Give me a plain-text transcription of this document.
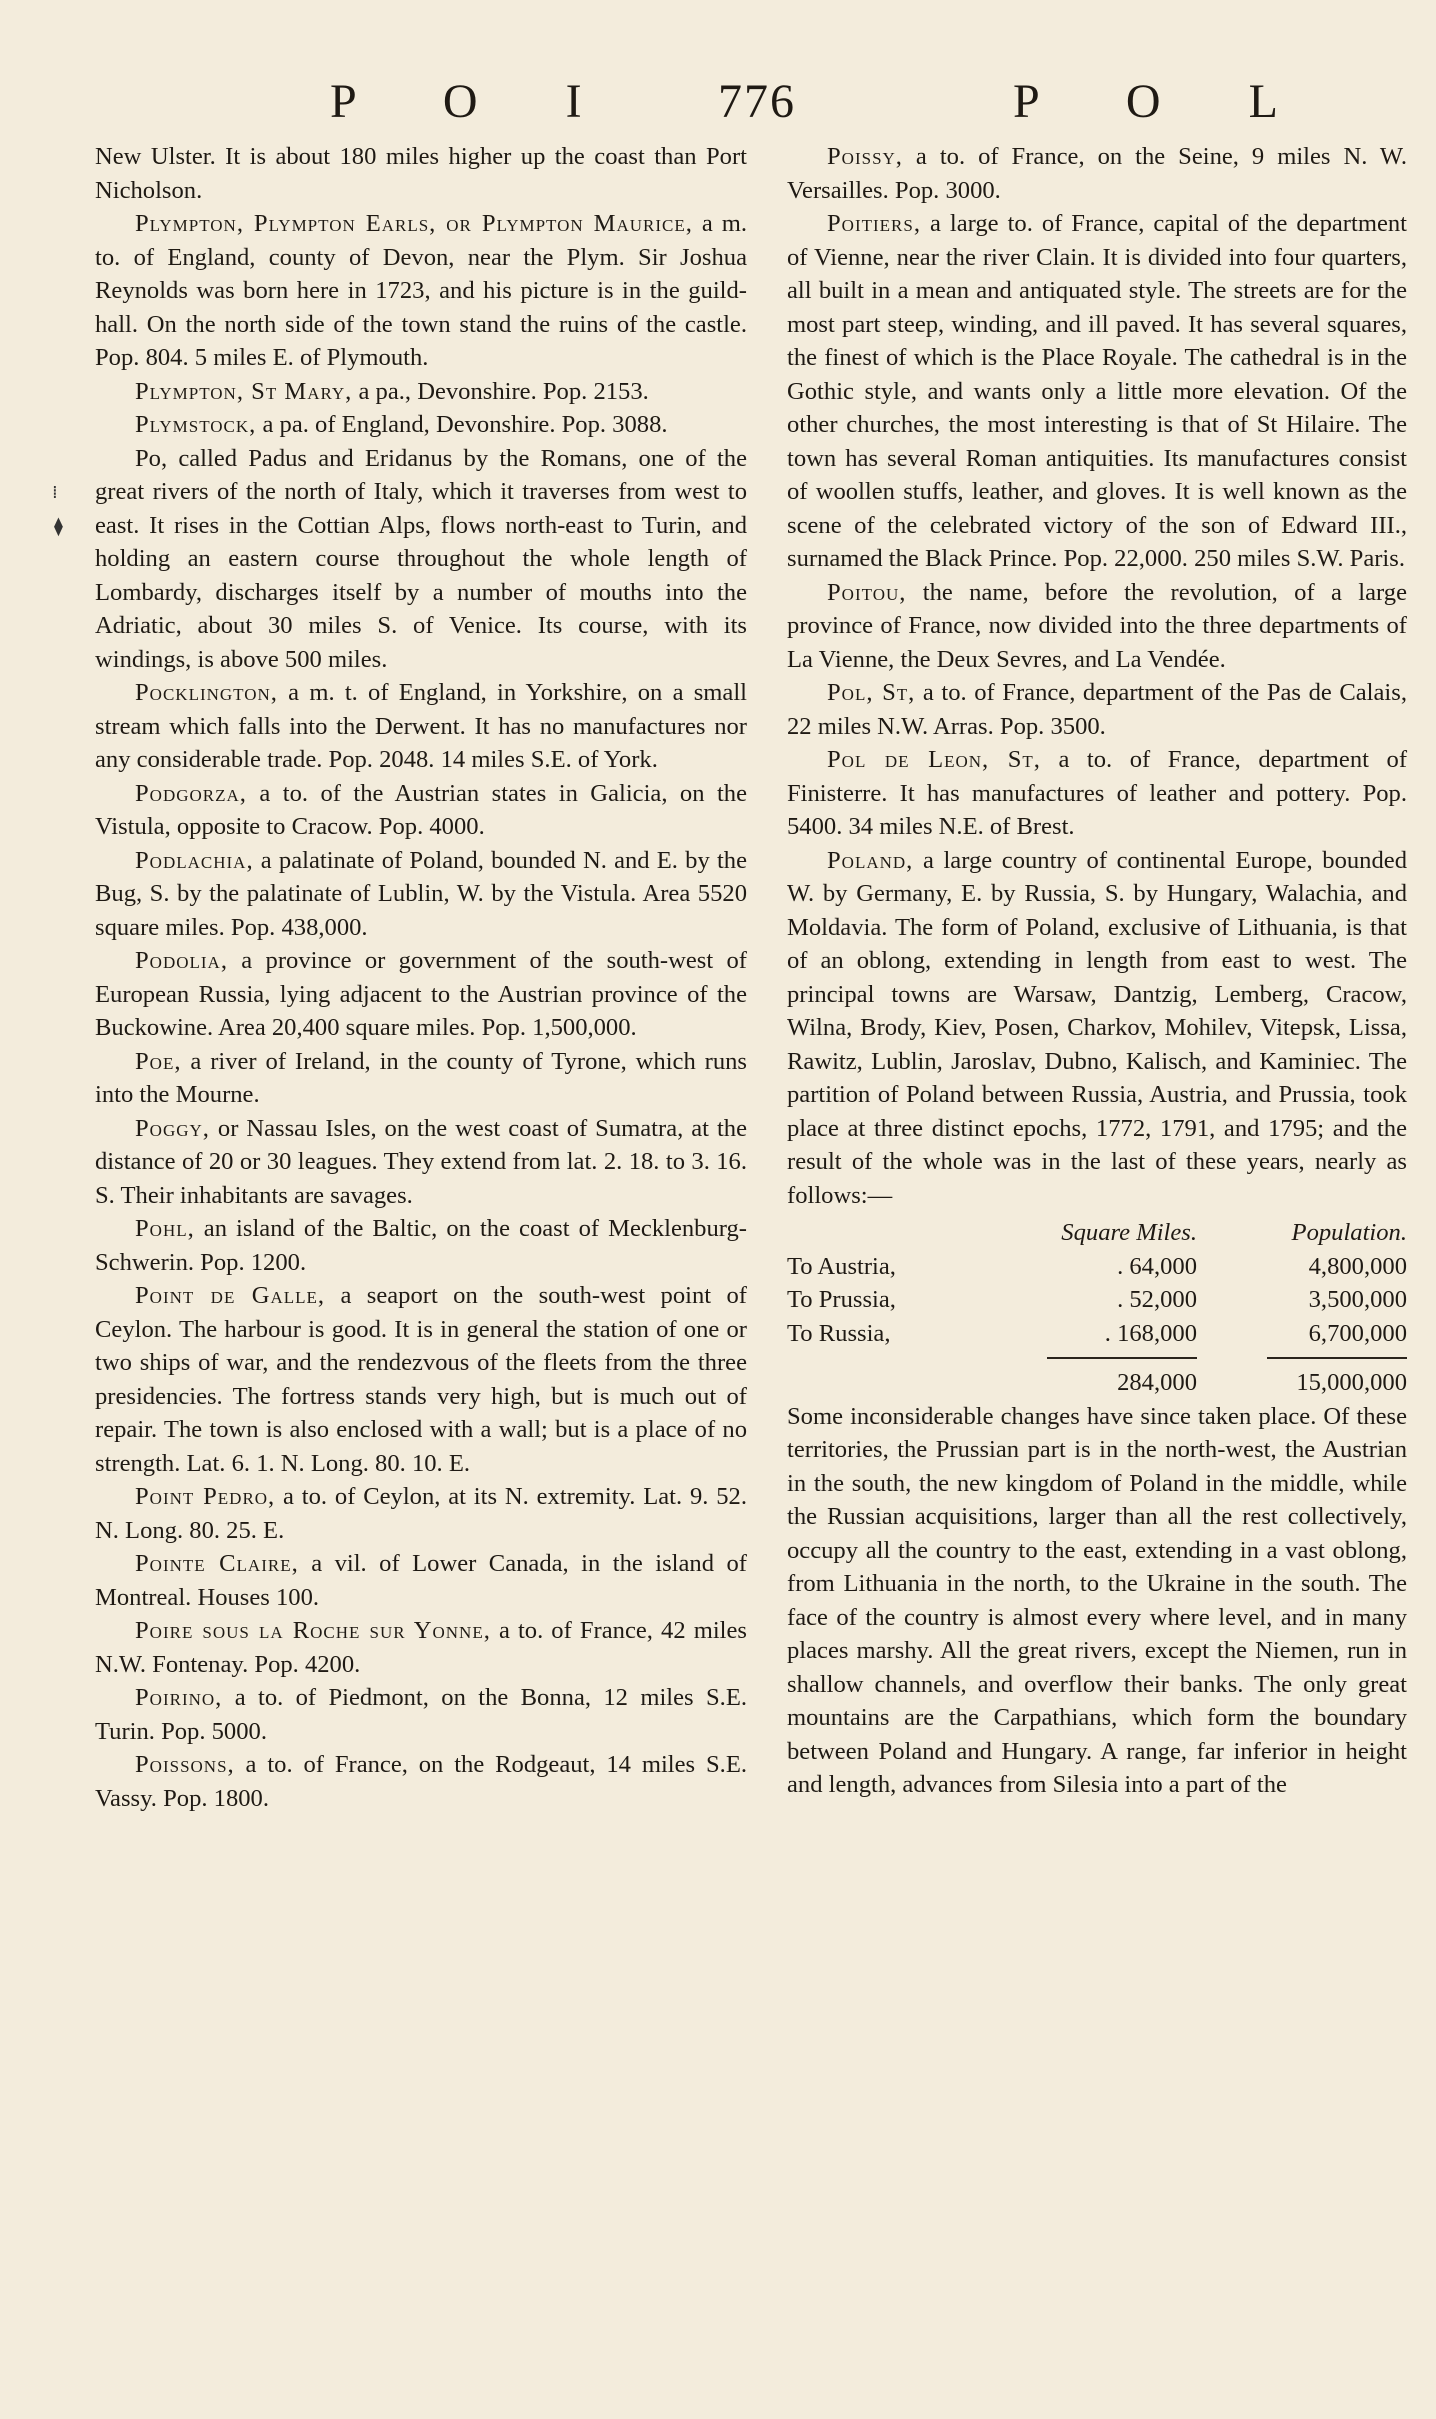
P O I 776	P O L
⁞
⧫

New Ulster. It is about 180 miles higher up the coast than Port Nicholson.

Plympton, Plympton Earls, or Plympton Maurice, a m. to. of England, county of Devon, near the Plym. Sir Joshua Reynolds was born here in 1723, and his picture is in the guild-hall. On the north side of the town stand the ruins of the castle. Pop. 804. 5 miles E. of Plymouth.

Plympton, St Mary, a pa., Devonshire. Pop. 2153.

Plymstock, a pa. of England, Devonshire. Pop. 3088.

Po, called Padus and Eridanus by the Romans, one of the great rivers of the north of Italy, which it traverses from west to east. It rises in the Cottian Alps, flows north-east to Turin, and holding an eastern course throughout the whole length of Lombardy, discharges itself by a number of mouths into the Adriatic, about 30 miles S. of Venice. Its course, with its windings, is above 500 miles.

Pocklington, a m. t. of England, in Yorkshire, on a small stream which falls into the Derwent. It has no manufactures nor any considerable trade. Pop. 2048. 14 miles S.E. of York.

Podgorza, a to. of the Austrian states in Galicia, on the Vistula, opposite to Cracow. Pop. 4000.

Podlachia, a palatinate of Poland, bounded N. and E. by the Bug, S. by the palatinate of Lublin, W. by the Vistula. Area 5520 square miles. Pop. 438,000.

Podolia, a province or government of the south-west of European Russia, lying adjacent to the Austrian province of the Buckowine. Area 20,400 square miles. Pop. 1,500,000.

Poe, a river of Ireland, in the county of Tyrone, which runs into the Mourne.

Poggy, or Nassau Isles, on the west coast of Sumatra, at the distance of 20 or 30 leagues. They extend from lat. 2. 18. to 3. 16. S. Their inhabitants are savages.

Pohl, an island of the Baltic, on the coast of Mecklenburg-Schwerin. Pop. 1200.

Point de Galle, a seaport on the south-west point of Ceylon. The harbour is good. It is in general the station of one or two ships of war, and the rendezvous of the fleets from the three presidencies. The fortress stands very high, but is much out of repair. The town is also enclosed with a wall; but is a place of no strength. Lat. 6. 1. N. Long. 80. 10. E.

Point Pedro, a to. of Ceylon, at its N. extremity. Lat. 9. 52. N. Long. 80. 25. E.

Pointe Claire, a vil. of Lower Canada, in the island of Montreal. Houses 100.

Poire sous la Roche sur Yonne, a to. of France, 42 miles N.W. Fontenay. Pop. 4200.

Poirino, a to. of Piedmont, on the Bonna, 12 miles S.E. Turin. Pop. 5000.

Poissons, a to. of France, on the Rodgeaut, 14 miles S.E. Vassy. Pop. 1800.

Poissy, a to. of France, on the Seine, 9 miles N. W. Versailles. Pop. 3000.

Poitiers, a large to. of France, capital of the department of Vienne, near the river Clain. It is divided into four quarters, all built in a mean and antiquated style. The streets are for the most part steep, winding, and ill paved. It has several squares, the finest of which is the Place Royale. The cathedral is in the Gothic style, and wants only a little more elevation. Of the other churches, the most interesting is that of St Hilaire. The town has several Roman antiquities. Its manufactures consist of woollen stuffs, leather, and gloves. It is well known as the scene of the celebrated victory of the son of Edward III., surnamed the Black Prince. Pop. 22,000. 250 miles S.W. Paris.

Poitou, the name, before the revolution, of a large province of France, now divided into the three departments of La Vienne, the Deux Sevres, and La Vendée.

Pol, St, a to. of France, department of the Pas de Calais, 22 miles N.W. Arras. Pop. 3500.

Pol de Leon, St, a to. of France, department of Finisterre. It has manufactures of leather and pottery. Pop. 5400. 34 miles N.E. of Brest.

Poland, a large country of continental Europe, bounded W. by Germany, E. by Russia, S. by Hungary, Walachia, and Moldavia. The form of Poland, exclusive of Lithuania, is that of an oblong, extending in length from east to west. The principal towns are Warsaw, Dantzig, Lemberg, Cracow, Wilna, Brody, Kiev, Posen, Charkov, Mohilev, Vitepsk, Lissa, Rawitz, Lublin, Jaroslav, Dubno, Kalisch, and Kaminiec. The partition of Poland between Russia, Austria, and Prussia, took place at three distinct epochs, 1772, 1791, and 1795; and the result of the whole was in the last of these years, nearly as follows:—

Square Miles.	Population.
To Austria,	. 64,000	4,800,000
To Prussia,	. 52,000	3,500,000
To Russia,	. 168,000	6,700,000
284,000	15,000,000

Some inconsiderable changes have since taken place. Of these territories, the Prussian part is in the north-west, the Austrian in the south, the new kingdom of Poland in the middle, while the Russian acquisitions, larger than all the rest collectively, occupy all the country to the east, extending in a vast oblong, from Lithuania in the north, to the Ukraine in the south. The face of the country is almost every where level, and in many places marshy. All the great rivers, except the Niemen, run in shallow channels, and overflow their banks. The only great mountains are the Carpathians, which form the boundary between Poland and Hungary. A range, far inferior in height and length, advances from Silesia into a part of the
